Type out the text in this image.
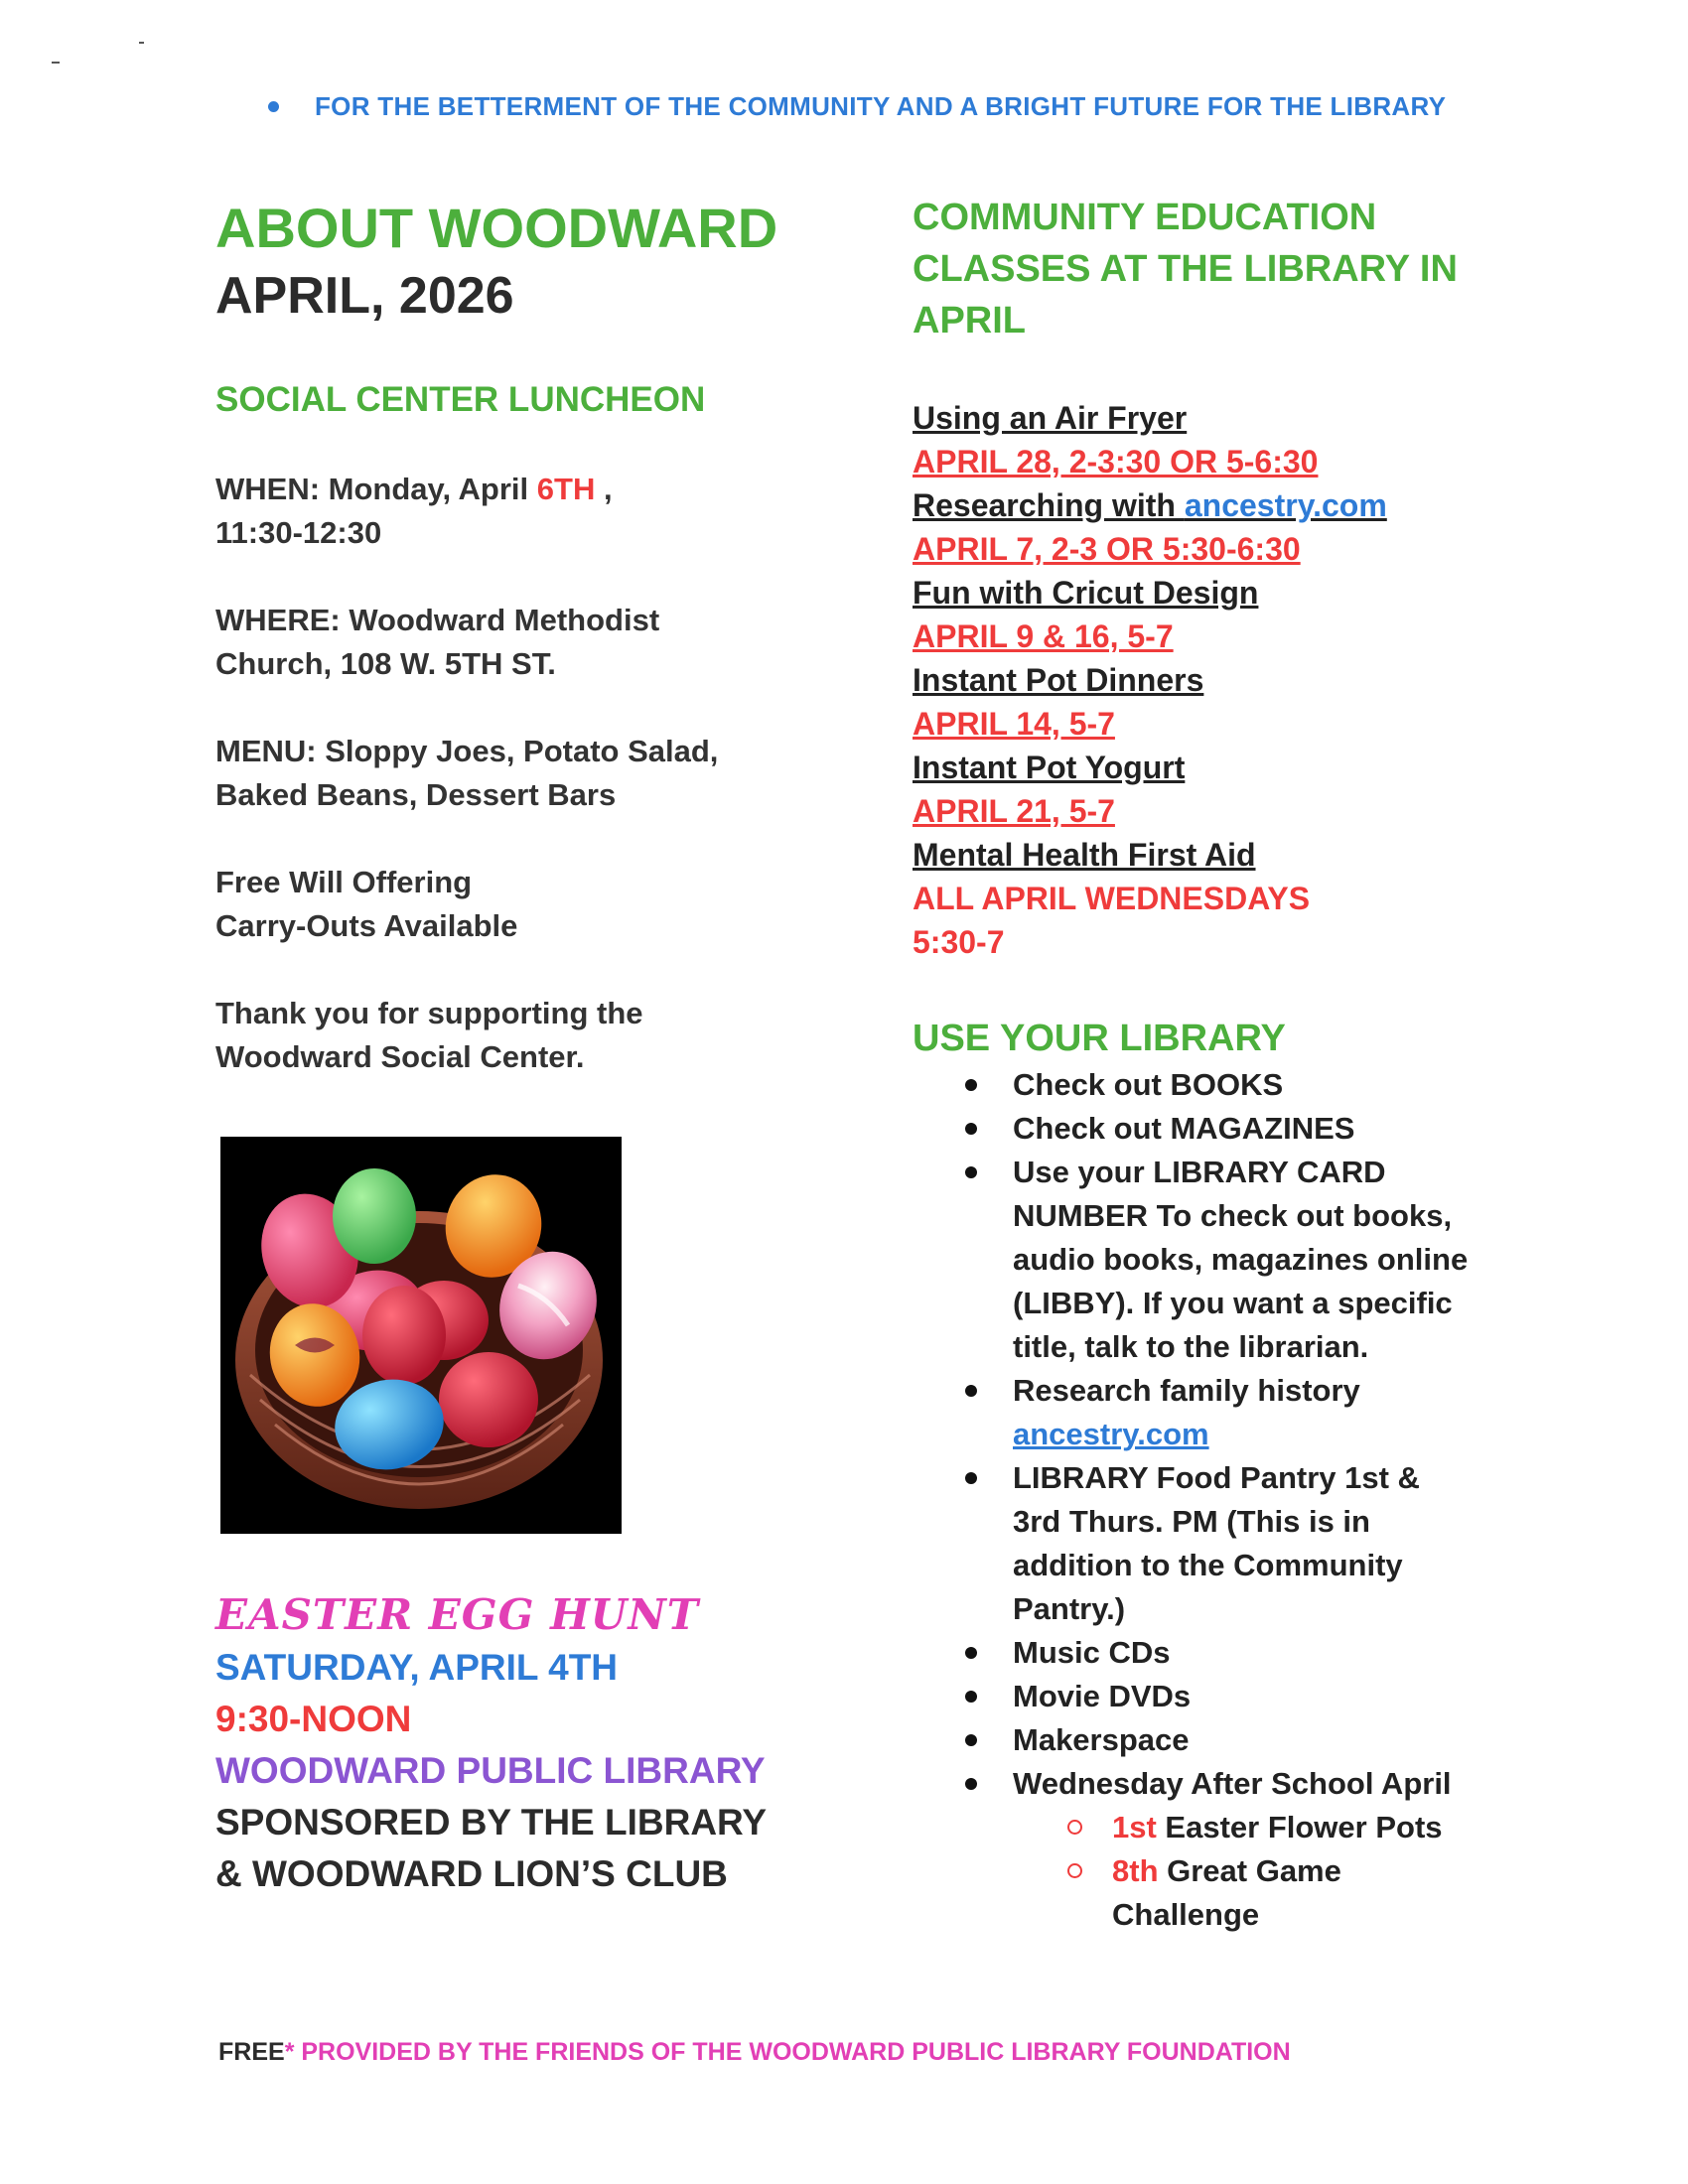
FOR THE BETTERMENT OF THE COMMUNITY AND A BRIGHT FUTURE FOR THE LIBRARY
ABOUT WOODWARD
APRIL, 2026
SOCIAL CENTER LUNCHEON

WHEN: Monday, April 6TH ,
11:30-12:30

WHERE: Woodward Methodist
Church, 108 W. 5TH ST.

MENU: Sloppy Joes, Potato Salad,
Baked Beans, Dessert Bars

Free Will Offering
Carry-Outs Available

Thank you for supporting the
Woodward Social Center.

EASTER EGG HUNT
SATURDAY, APRIL 4TH
9:30-NOON
WOODWARD PUBLIC LIBRARY
SPONSORED BY THE LIBRARY
& WOODWARD LION’S CLUB
COMMUNITY EDUCATION
CLASSES AT THE LIBRARY IN
APRIL
Using an Air Fryer
APRIL 28, 2-3:30 OR 5-6:30
Researching with ancestry.com
APRIL 7, 2-3 OR 5:30-6:30
Fun with Cricut Design
APRIL 9 & 16, 5-7
Instant Pot Dinners
APRIL 14, 5-7
Instant Pot Yogurt
APRIL 21, 5-7
Mental Health First Aid
ALL APRIL WEDNESDAYS
5:30-7
USE YOUR LIBRARY
Check out BOOKS
Check out MAGAZINES
Use your LIBRARY CARD
NUMBER To check out books,
audio books, magazines online
(LIBBY). If you want a specific
title, talk to the librarian.
Research family history
ancestry.com
LIBRARY Food Pantry 1st &
3rd Thurs. PM (This is in
addition to the Community
Pantry.)
Music CDs
Movie DVDs
Makerspace
Wednesday After School April
1st Easter Flower Pots
8th Great Game
Challenge
FREE* PROVIDED BY THE FRIENDS OF THE WOODWARD PUBLIC LIBRARY FOUNDATION
